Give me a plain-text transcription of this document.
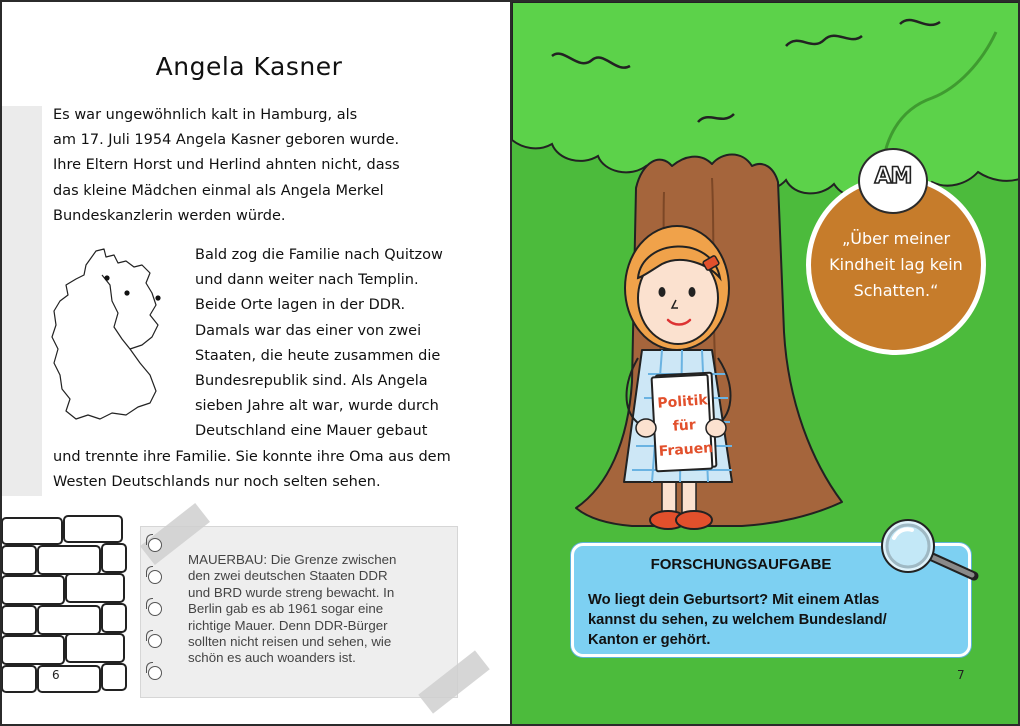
Angela Kasner
Es war ungewöhnlich kalt in Hamburg, als
am 17. Juli 1954 Angela Kasner geboren wurde.
Ihre Eltern Horst und Herlind ahnten nicht, dass
das kleine Mädchen einmal als Angela Merkel
Bundeskanzlerin werden würde.
Bald zog die Familie nach Quitzow
und dann weiter nach Templin.
Beide Orte lagen in der DDR.
Damals war das einer von zwei
Staaten, die heute zusammen die
Bundesrepublik sind. Als Angela
sieben Jahre alt war, wurde durch
Deutschland eine Mauer gebaut
und trennte ihre Familie. Sie konnte ihre Oma aus dem
Westen Deutschlands nur noch selten sehen.
6
MAUERBAU: Die Grenze zwischen
den zwei deutschen Staaten DDR
und BRD wurde streng bewacht. In
Berlin gab es ab 1961 sogar eine
richtige Mauer. Denn DDR-Bürger
sollten nicht reisen und sehen, wie
schön es auch woanders ist.
Politik
für
Frauen
„Über meiner
Kindheit lag kein
Schatten.“
AM
FORSCHUNGSAUFGABE
Wo liegt dein Geburtsort? Mit einem Atlas
kannst du sehen, zu welchem Bundesland/
Kanton er gehört.
7
